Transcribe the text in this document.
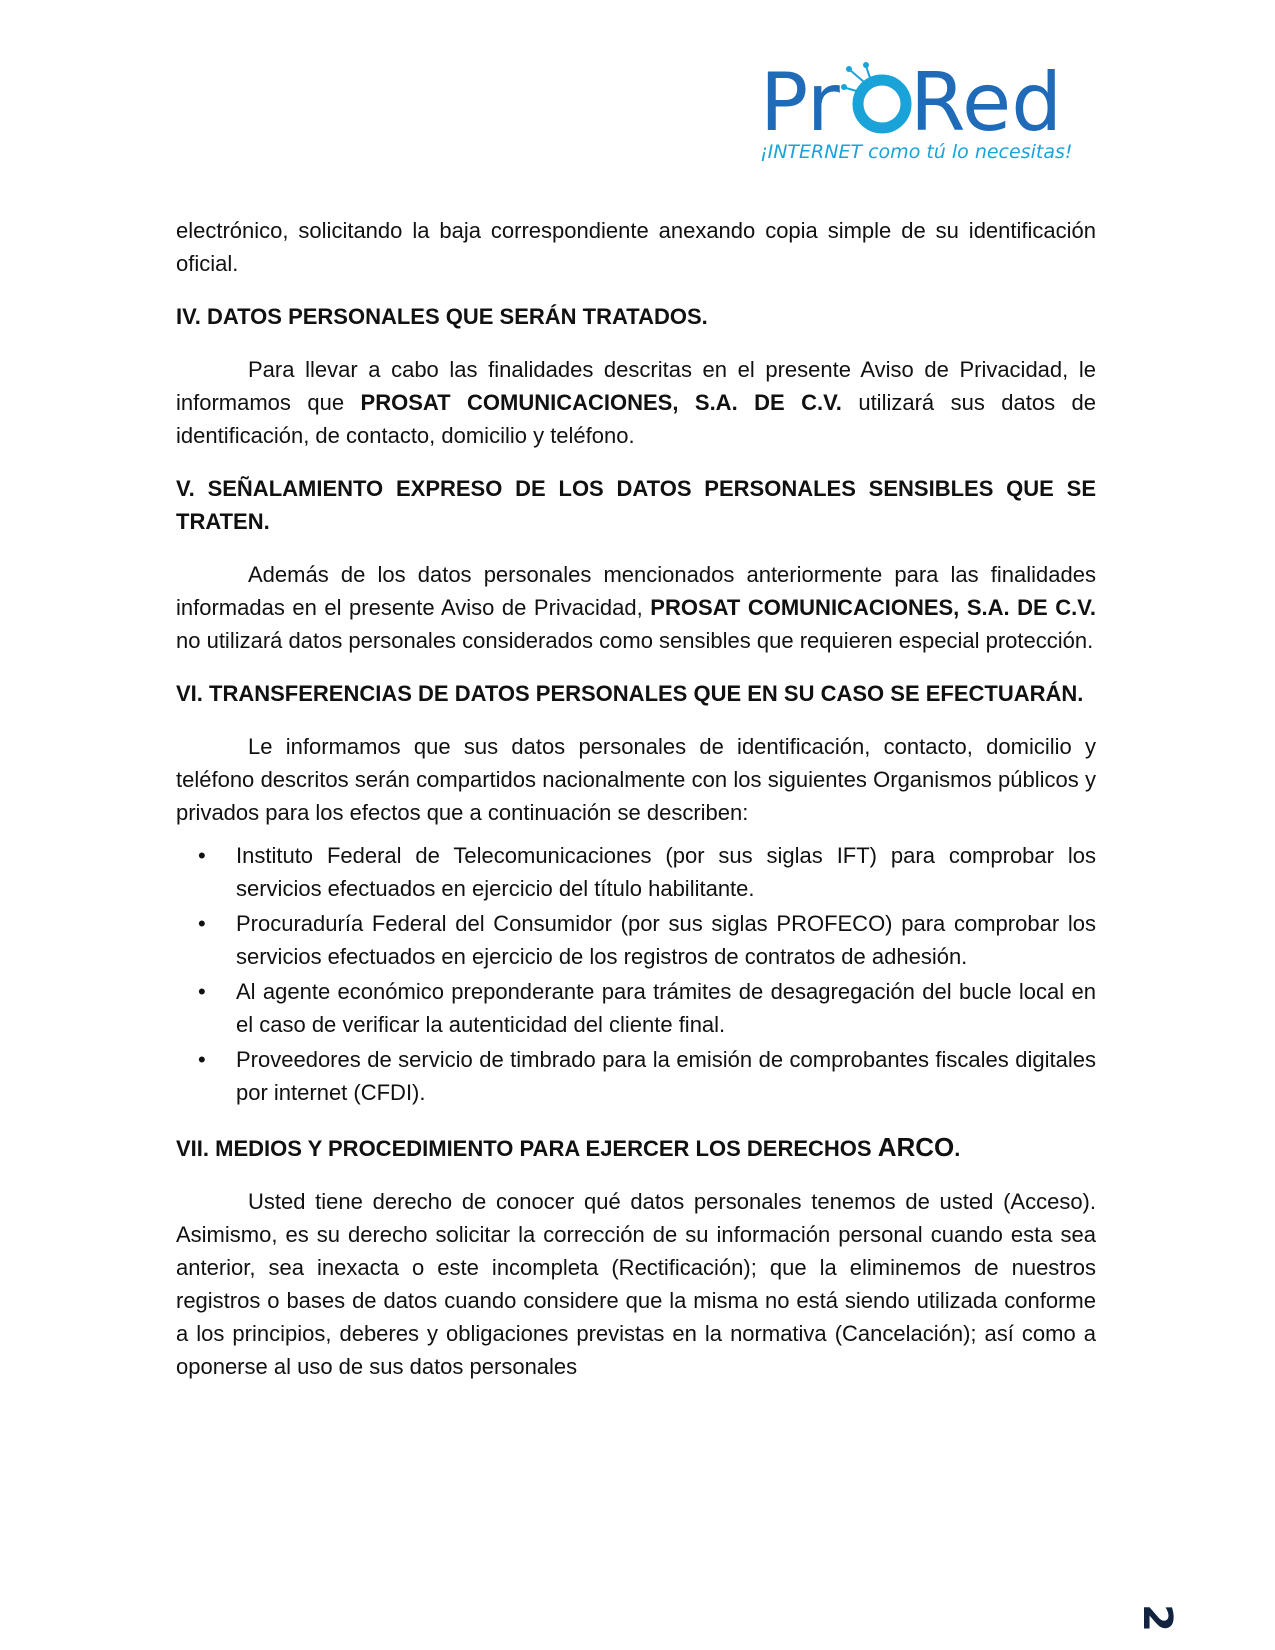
Pr Red
¡INTERNET como tú lo necesitas!

electrónico, solicitando la baja correspondiente anexando copia simple de su identificación oficial.

IV. DATOS PERSONALES QUE SERÁN TRATADOS.

Para llevar a cabo las finalidades descritas en el presente Aviso de Privacidad, le informamos que PROSAT COMUNICACIONES, S.A. DE C.V. utilizará sus datos de identificación, de contacto, domicilio y teléfono.

V. SEÑALAMIENTO EXPRESO DE LOS DATOS PERSONALES SENSIBLES QUE SE TRATEN.

Además de los datos personales mencionados anteriormente para las finalidades informadas en el presente Aviso de Privacidad, PROSAT COMUNICACIONES, S.A. DE C.V. no utilizará datos personales considerados como sensibles que requieren especial protección.

VI. TRANSFERENCIAS DE DATOS PERSONALES QUE EN SU CASO SE EFECTUARÁN.

Le informamos que sus datos personales de identificación, contacto, domicilio y teléfono descritos serán compartidos nacionalmente con los siguientes Organismos públicos y privados para los efectos que a continuación se describen:

• Instituto Federal de Telecomunicaciones (por sus siglas IFT) para comprobar los servicios efectuados en ejercicio del título habilitante.
• Procuraduría Federal del Consumidor (por sus siglas PROFECO) para comprobar los servicios efectuados en ejercicio de los registros de contratos de adhesión.
• Al agente económico preponderante para trámites de desagregación del bucle local en el caso de verificar la autenticidad del cliente final.
• Proveedores de servicio de timbrado para la emisión de comprobantes fiscales digitales por internet (CFDI).

VII. MEDIOS Y PROCEDIMIENTO PARA EJERCER LOS DERECHOS ARCO.

Usted tiene derecho de conocer qué datos personales tenemos de usted (Acceso). Asimismo, es su derecho solicitar la corrección de su información personal cuando esta sea anterior, sea inexacta o este incompleta (Rectificación); que la eliminemos de nuestros registros o bases de datos cuando considere que la misma no está siendo utilizada conforme a los principios, deberes y obligaciones previstas en la normativa (Cancelación); así como a oponerse al uso de sus datos personales

2
